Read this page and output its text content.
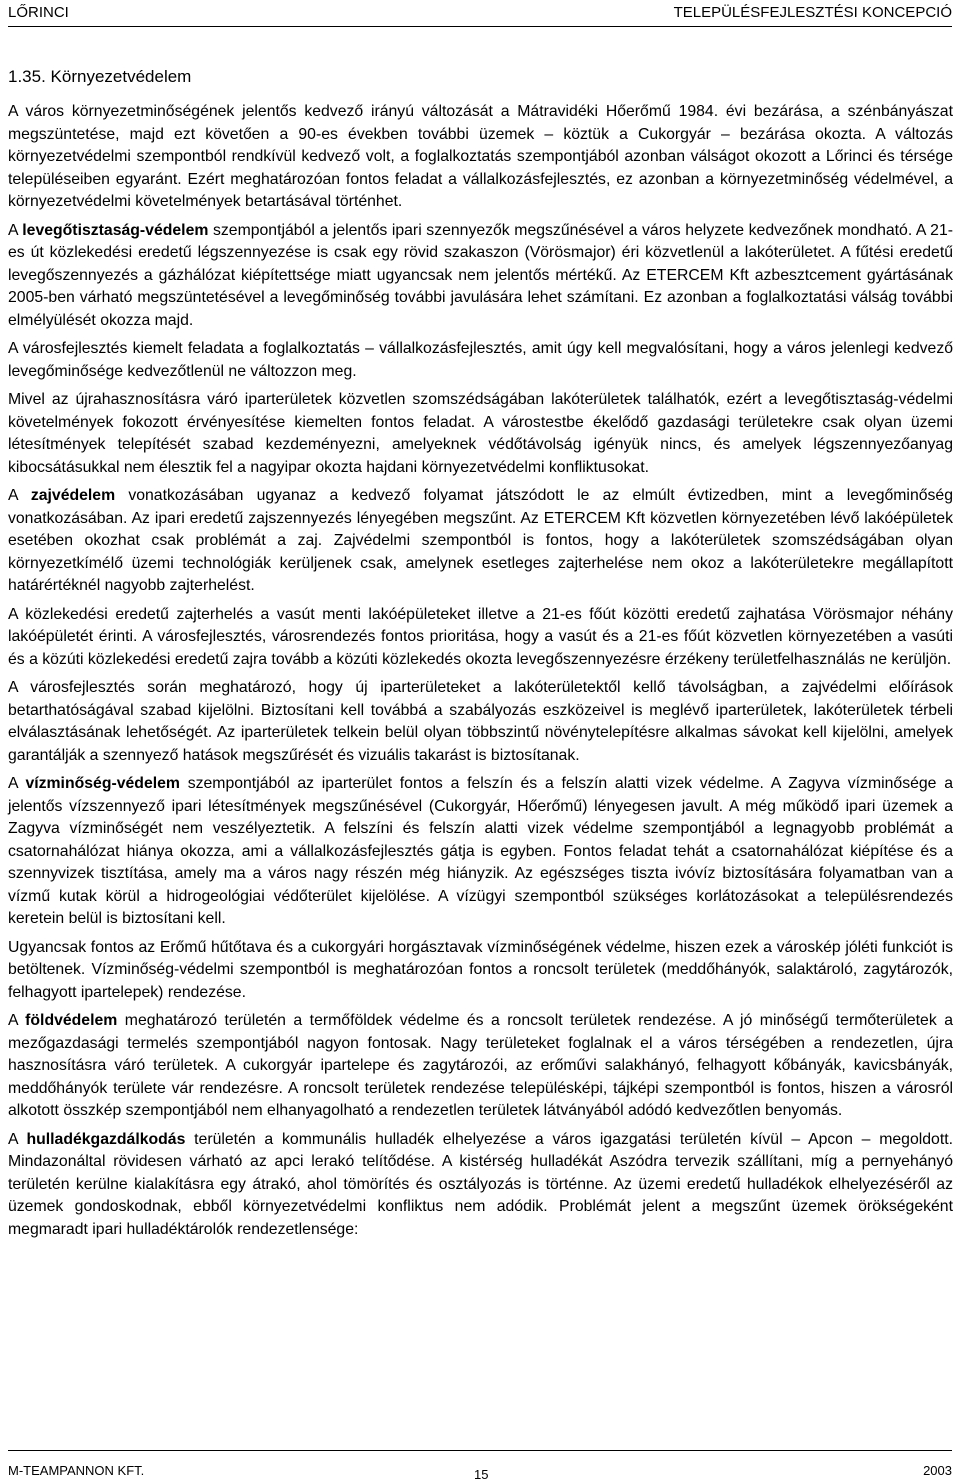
LŐRINCI	TELEPÜLÉSFEJLESZTÉSI KONCEPCIÓ
1.35. Környezetvédelem

A város környezetminőségének jelentős kedvező irányú változását a Mátravidéki Hőerőmű 1984. évi bezárása, a szénbányászat megszüntetése, majd ezt követően a 90-es években további üzemek – köztük a Cukorgyár – bezárása okozta. A változás környezetvédelmi szempontból rendkívül kedvező volt, a foglalkoztatás szempontjából azonban válságot okozott a Lőrinci és térsége településeiben egyaránt. Ezért meghatározóan fontos feladat a vállalkozásfejlesztés, ez azonban a környezetminőség védelmével, a környezetvédelmi követelmények betartásával történhet.

A levegőtisztaság-védelem szempontjából a jelentős ipari szennyezők megszűnésével a város helyzete kedvezőnek mondható. A 21-es út közlekedési eredetű légszennyezése is csak egy rövid szakaszon (Vörösmajor) éri közvetlenül a lakóterületet. A fűtési eredetű levegőszennyezés a gázhálózat kiépítettsége miatt ugyancsak nem jelentős mértékű. Az ETERCEM Kft azbesztcement gyártásának 2005-ben várható megszüntetésével a levegőminőség további javulására lehet számítani. Ez azonban a foglalkoztatási válság további elmélyülését okozza majd.

A városfejlesztés kiemelt feladata a foglalkoztatás – vállalkozásfejlesztés, amit úgy kell megvalósítani, hogy a város jelenlegi kedvező levegőminősége kedvezőtlenül ne változzon meg.

Mivel az újrahasznosításra váró iparterületek közvetlen szomszédságában lakóterületek találhatók, ezért a levegőtisztaság-védelmi követelmények fokozott érvényesítése kiemelten fontos feladat. A várostestbe ékelődő gazdasági területekre csak olyan üzemi létesítmények telepítését szabad kezdeményezni, amelyeknek védőtávolság igényük nincs, és amelyek légszennyezőanyag kibocsátásukkal nem élesztik fel a nagyipar okozta hajdani környezetvédelmi konfliktusokat.

A zajvédelem vonatkozásában ugyanaz a kedvező folyamat játszódott le az elmúlt évtizedben, mint a levegőminőség vonatkozásában. Az ipari eredetű zajszennyezés lényegében megszűnt. Az ETERCEM Kft közvetlen környezetében lévő lakóépületek esetében okozhat csak problémát a zaj. Zajvédelmi szempontból is fontos, hogy a lakóterületek szomszédságában olyan környezetkímélő üzemi technológiák kerüljenek csak, amelynek esetleges zajterhelése nem okoz a lakóterületekre megállapított határértéknél nagyobb zajterhelést.

A közlekedési eredetű zajterhelés a vasút menti lakóépületeket illetve a 21-es főút közötti eredetű zajhatása Vörösmajor néhány lakóépületét érinti. A városfejlesztés, városrendezés fontos prioritása, hogy a vasút és a 21-es főút közvetlen környezetében a vasúti és a közúti közlekedési eredetű zajra tovább a közúti közlekedés okozta levegőszennyezésre érzékeny területfelhasználás ne kerüljön.

A városfejlesztés során meghatározó, hogy új iparterületeket a lakóterületektől kellő távolságban, a zajvédelmi előírások betarthatóságával szabad kijelölni. Biztosítani kell továbbá a szabályozás eszközeivel is meglévő iparterületek, lakóterületek térbeli elválasztásának lehetőségét. Az iparterületek telkein belül olyan többszintű növénytelepítésre alkalmas sávokat kell kijelölni, amelyek garantálják a szennyező hatások megszűrését és vizuális takarást is biztosítanak.

A vízminőség-védelem szempontjából az iparterület fontos a felszín és a felszín alatti vizek védelme. A Zagyva vízminősége a jelentős vízszennyező ipari létesítmények megszűnésével (Cukorgyár, Hőerőmű) lényegesen javult. A még működő ipari üzemek a Zagyva vízminőségét nem veszélyeztetik. A felszíni és felszín alatti vizek védelme szempontjából a legnagyobb problémát a csatornahálózat hiánya okozza, ami a vállalkozásfejlesztés gátja is egyben. Fontos feladat tehát a csatornahálózat kiépítése és a szennyvizek tisztítása, amely ma a város nagy részén még hiányzik. Az egészséges tiszta ivóvíz biztosítására folyamatban van a vízmű kutak körül a hidrogeológiai védőterület kijelölése. A vízügyi szempontból szükséges korlátozásokat a településrendezés keretein belül is biztosítani kell.

Ugyancsak fontos az Erőmű hűtőtava és a cukorgyári horgásztavak vízminőségének védelme, hiszen ezek a városkép jóléti funkciót is betöltenek. Vízminőség-védelmi szempontból is meghatározóan fontos a roncsolt területek (meddőhányók, salaktároló, zagytározók, felhagyott ipartelepek) rendezése.

A földvédelem meghatározó területén a termőföldek védelme és a roncsolt területek rendezése. A jó minőségű termőterületek a mezőgazdasági termelés szempontjából nagyon fontosak. Nagy területeket foglalnak el a város térségében a rendezetlen, újra hasznosításra váró területek. A cukorgyár ipartelepe és zagytározói, az erőművi salakhányó, felhagyott kőbányák, kavicsbányák, meddőhányók területe vár rendezésre. A roncsolt területek rendezése településképi, tájképi szempontból is fontos, hiszen a városról alkotott összkép szempontjából nem elhanyagolható a rendezetlen területek látványából adódó kedvezőtlen benyomás.

A hulladékgazdálkodás területén a kommunális hulladék elhelyezése a város igazgatási területén kívül – Apcon – megoldott. Mindazonáltal rövidesen várható az apci lerakó telítődése. A kistérség hulladékát Aszódra tervezik szállítani, míg a pernyehányó területén kerülne kialakításra egy átrakó, ahol tömörítés és osztályozás is történne. Az üzemi eredetű hulladékok elhelyezéséről az üzemek gondoskodnak, ebből környezetvédelmi konfliktus nem adódik. Problémát jelent a megszűnt üzemek örökségeként megmaradt ipari hulladéktárolók rendezetlensége:

M-TEAMPANNON KFT.	15	2003
